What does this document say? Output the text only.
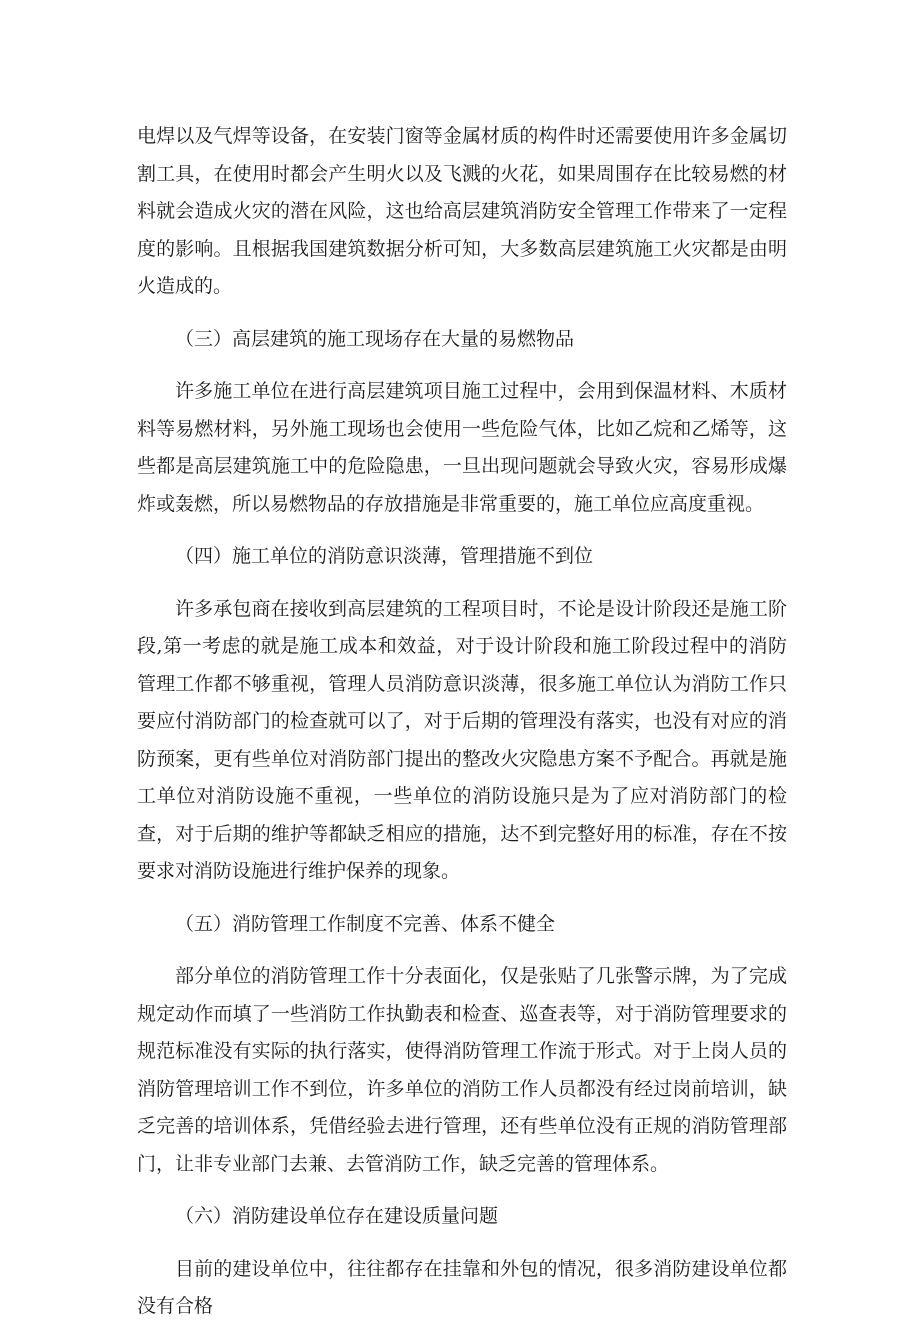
电焊以及气焊等设备，在安装门窗等金属材质的构件时还需要使用许多金属切割工具，在使用时都会产生明火以及飞溅的火花，如果周围存在比较易燃的材料就会造成火灾的潜在风险，这也给高层建筑消防安全管理工作带来了一定程度的影响。且根据我国建筑数据分析可知，大多数高层建筑施工火灾都是由明火造成的。

（三）高层建筑的施工现场存在大量的易燃物品

许多施工单位在进行高层建筑项目施工过程中，会用到保温材料、木质材料等易燃材料，另外施工现场也会使用一些危险气体，比如乙烷和乙烯等，这些都是高层建筑施工中的危险隐患，一旦出现问题就会导致火灾，容易形成爆炸或轰燃，所以易燃物品的存放措施是非常重要的，施工单位应高度重视。

（四）施工单位的消防意识淡薄，管理措施不到位

许多承包商在接收到高层建筑的工程项目时，不论是设计阶段还是施工阶段,第一考虑的就是施工成本和效益，对于设计阶段和施工阶段过程中的消防管理工作都不够重视，管理人员消防意识淡薄，很多施工单位认为消防工作只要应付消防部门的检查就可以了，对于后期的管理没有落实，也没有对应的消防预案，更有些单位对消防部门提出的整改火灾隐患方案不予配合。再就是施工单位对消防设施不重视，一些单位的消防设施只是为了应对消防部门的检查，对于后期的维护等都缺乏相应的措施，达不到完整好用的标准，存在不按要求对消防设施进行维护保养的现象。

（五）消防管理工作制度不完善、体系不健全

部分单位的消防管理工作十分表面化，仅是张贴了几张警示牌，为了完成规定动作而填了一些消防工作执勤表和检查、巡查表等，对于消防管理要求的规范标准没有实际的执行落实，使得消防管理工作流于形式。对于上岗人员的消防管理培训工作不到位，许多单位的消防工作人员都没有经过岗前培训，缺乏完善的培训体系，凭借经验去进行管理，还有些单位没有正规的消防管理部门，让非专业部门去兼、去管消防工作，缺乏完善的管理体系。

（六）消防建设单位存在建设质量问题

目前的建设单位中，往往都存在挂靠和外包的情况，很多消防建设单位都没有合格
